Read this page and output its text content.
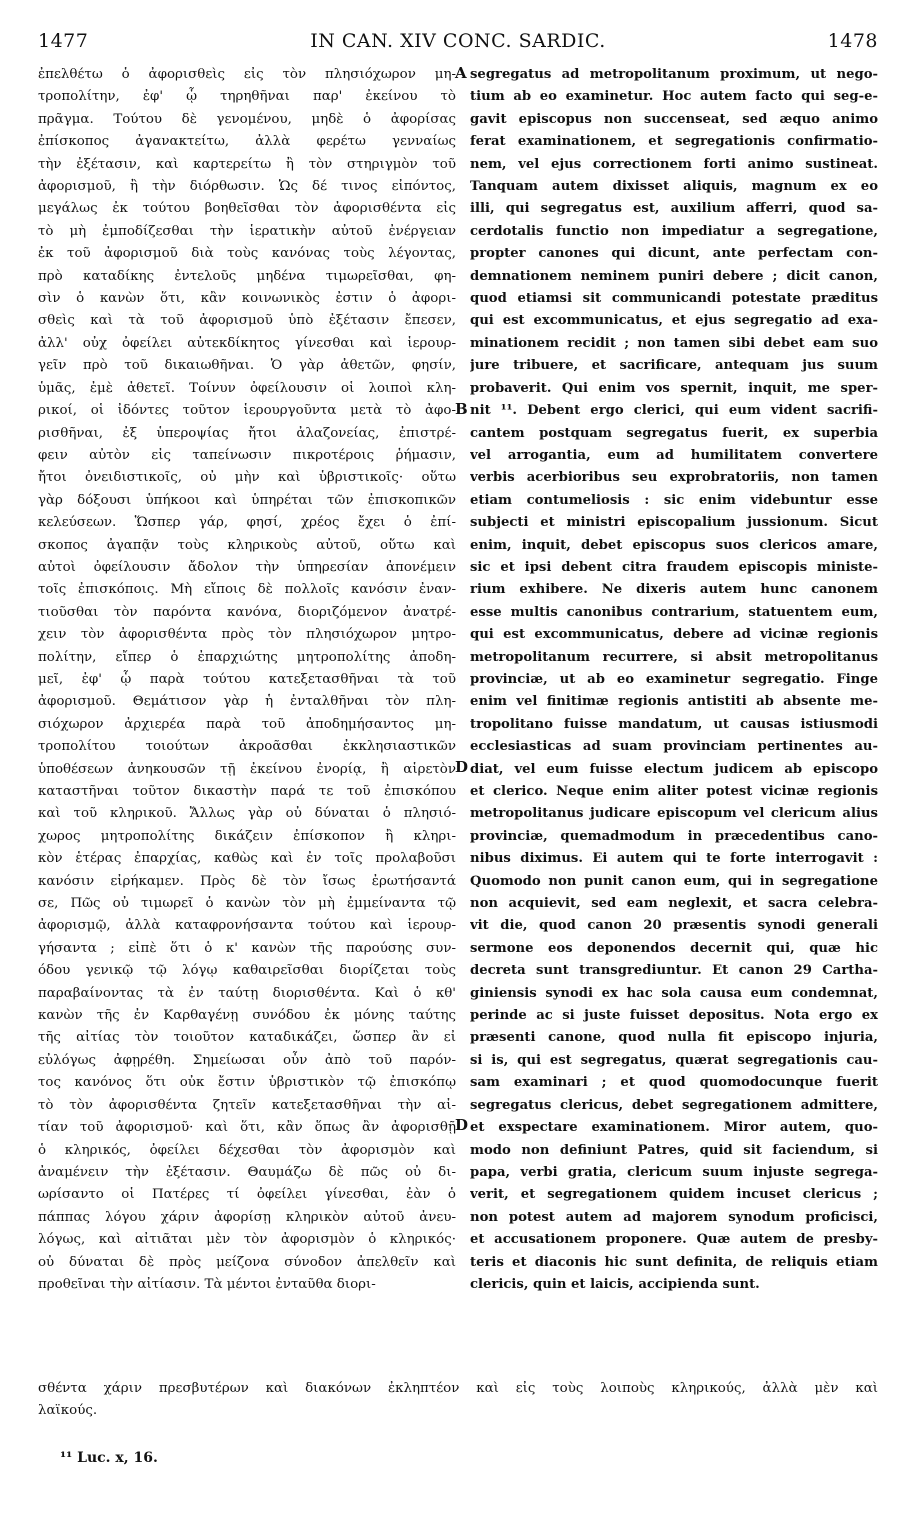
1477	IN CAN. XIV CONC. SARDIC.	1478
ἐπελθέτω ὁ ἀφορισθεὶς εἰς τὸν πλησιόχωρον μη-
τροπολίτην, ἐφ' ᾧ τηρηθῆναι παρ' ἐκείνου τὸ
πρᾶγμα. Τούτου δὲ γενομένου, μηδὲ ὁ ἀφορίσας
ἐπίσκοπος ἀγανακτείτω, ἀλλὰ φερέτω γενναίως
τὴν ἐξέτασιν, καὶ καρτερείτω ἢ τὸν στηριγμὸν τοῦ
ἀφορισμοῦ, ἢ τὴν διόρθωσιν. Ὡς δέ τινος εἰπόντος,
μεγάλως ἐκ τούτου βοηθεῖσθαι τὸν ἀφορισθέντα εἰς
τὸ μὴ ἐμποδίζεσθαι τὴν ἱερατικὴν αὐτοῦ ἐνέργειαν
ἐκ τοῦ ἀφορισμοῦ διὰ τοὺς κανόνας τοὺς λέγοντας,
πρὸ καταδίκης ἐντελοῦς μηδένα τιμωρεῖσθαι, φη-
σὶν ὁ κανὼν ὅτι, κἂν κοινωνικὸς ἐστιν ὁ ἀφορι-
σθεὶς καὶ τὰ τοῦ ἀφορισμοῦ ὑπὸ ἐξέτασιν ἔπεσεν,
ἀλλ' οὐχ ὀφείλει αὐτεκδίκητος γίνεσθαι καὶ ἱερουρ-
γεῖν πρὸ τοῦ δικαιωθῆναι. Ὁ γὰρ ἀθετῶν, φησίν,
ὑμᾶς, ἐμὲ ἀθετεῖ. Τοίνυν ὀφείλουσιν οἱ λοιποὶ κλη-
ρικοί, οἱ ἰδόντες τοῦτον ἱερουργοῦντα μετὰ τὸ ἀφο-
ρισθῆναι, ἐξ ὑπεροψίας ἤτοι ἀλαζονείας, ἐπιστρέ-
φειν αὐτὸν εἰς ταπείνωσιν πικροτέροις ῥήμασιν,
ἤτοι ὀνειδιστικοῖς, οὐ μὴν καὶ ὑβριστικοῖς· οὕτω
γὰρ δόξουσι ὑπήκοοι καὶ ὑπηρέται τῶν ἐπισκοπικῶν
κελεύσεων. Ὥσπερ γάρ, φησί, χρέος ἔχει ὁ ἐπί-
σκοπος ἀγαπᾷν τοὺς κληρικοὺς αὐτοῦ, οὕτω καὶ
αὐτοὶ ὀφείλουσιν ἄδολον τὴν ὑπηρεσίαν ἀπονέμειν
τοῖς ἐπισκόποις. Μὴ εἴποις δὲ πολλοῖς κανόσιν ἐναν-
τιοῦσθαι τὸν παρόντα κανόνα, διοριζόμενον ἀνατρέ-
χειν τὸν ἀφορισθέντα πρὸς τὸν πλησιόχωρον μητρο-
πολίτην, εἴπερ ὁ ἐπαρχιώτης μητροπολίτης ἀποδη-
μεῖ, ἐφ' ᾧ παρὰ τούτου κατεξετασθῆναι τὰ τοῦ
ἀφορισμοῦ. Θεμάτισον γὰρ ἡ ἐνταλθῆναι τὸν πλη-
σιόχωρον ἀρχιερέα παρὰ τοῦ ἀποδημήσαντος μη-
τροπολίτου τοιούτων ἀκροᾶσθαι ἐκκλησιαστικῶν
ὑποθέσεων ἀνηκουσῶν τῇ ἐκείνου ἐνορίᾳ, ἢ αἱρετὸν
καταστῆναι τοῦτον δικαστὴν παρά τε τοῦ ἐπισκόπου
καὶ τοῦ κληρικοῦ. Ἄλλως γὰρ οὐ δύναται ὁ πλησιό-
χωρος μητροπολίτης δικάζειν ἐπίσκοπον ἢ κληρι-
κὸν ἑτέρας ἐπαρχίας, καθὼς καὶ ἐν τοῖς προλαβοῦσι
κανόσιν εἰρήκαμεν. Πρὸς δὲ τὸν ἴσως ἐρωτήσαντά
σε, Πῶς οὐ τιμωρεῖ ὁ κανὼν τὸν μὴ ἐμμείναντα τῷ
ἀφορισμῷ, ἀλλὰ καταφρονήσαντα τούτου καὶ ἱερουρ-
γήσαντα ; εἰπὲ ὅτι ὁ κ' κανὼν τῆς παρούσης συν-
όδου γενικῷ τῷ λόγῳ καθαιρεῖσθαι διορίζεται τοὺς
παραβαίνοντας τὰ ἐν ταύτῃ διορισθέντα. Καὶ ὁ κθ'
κανὼν τῆς ἐν Καρθαγένῃ συνόδου ἐκ μόνης ταύτης
τῆς αἰτίας τὸν τοιοῦτον καταδικάζει, ὥσπερ ἂν εἰ
εὐλόγως ἀφῃρέθη. Σημείωσαι οὖν ἀπὸ τοῦ παρόν-
τος κανόνος ὅτι οὐκ ἔστιν ὑβριστικὸν τῷ ἐπισκόπῳ
τὸ τὸν ἀφορισθέντα ζητεῖν κατεξετασθῆναι τὴν αἰ-
τίαν τοῦ ἀφορισμοῦ· καὶ ὅτι, κἂν ὅπως ἂν ἀφορισθῇ
ὁ κληρικός, ὀφείλει δέχεσθαι τὸν ἀφορισμὸν καὶ
ἀναμένειν τὴν ἐξέτασιν. Θαυμάζω δὲ πῶς οὐ δι-
ωρίσαντο οἱ Πατέρες τί ὀφείλει γίνεσθαι, ἐὰν ὁ
πάππας λόγου χάριν ἀφορίσῃ κληρικὸν αὐτοῦ ἀνευ-
λόγως, καὶ αἰτιᾶται μὲν τὸν ἀφορισμὸν ὁ κληρικός·
οὐ δύναται δὲ πρὸς μείζονα σύνοδον ἀπελθεῖν καὶ
προθεῖναι τὴν αἰτίασιν. Τὰ μέντοι ἐνταῦθα διορι-
segregatus ad metropolitanum proximum, ut nego-
tium ab eo examinetur. Hoc autem facto qui seg-e-
gavit episcopus non succenseat, sed æquo animo
ferat examinationem, et segregationis confirmatio-
nem, vel ejus correctionem forti animo sustineat.
Tanquam autem dixisset aliquis, magnum ex eo
illi, qui segregatus est, auxilium afferri, quod sa-
cerdotalis functio non impediatur a segregatione,
propter canones qui dicunt, ante perfectam con-
demnationem neminem puniri debere ; dicit canon,
quod etiamsi sit communicandi potestate præditus
qui est excommunicatus, et ejus segregatio ad exa-
minationem recidit ; non tamen sibi debet eam suo
jure tribuere, et sacrificare, antequam jus suum
probaverit. Qui enim vos spernit, inquit, me sper-
nit ¹¹. Debent ergo clerici, qui eum vident sacrifi-
cantem postquam segregatus fuerit, ex superbia
vel arrogantia, eum ad humilitatem convertere
verbis acerbioribus seu exprobratoriis, non tamen
etiam contumeliosis : sic enim videbuntur esse
subjecti et ministri episcopalium jussionum. Sicut
enim, inquit, debet episcopus suos clericos amare,
sic et ipsi debent citra fraudem episcopis ministe-
rium exhibere. Ne dixeris autem hunc canonem
esse multis canonibus contrarium, statuentem eum,
qui est excommunicatus, debere ad vicinæ regionis
metropolitanum recurrere, si absit metropolitanus
provinciæ, ut ab eo examinetur segregatio. Finge
enim vel finitimæ regionis antistiti ab absente me-
tropolitano fuisse mandatum, ut causas istiusmodi
ecclesiasticas ad suam provinciam pertinentes au-
diat, vel eum fuisse electum judicem ab episcopo
et clerico. Neque enim aliter potest vicinæ regionis
metropolitanus judicare episcopum vel clericum alius
provinciæ, quemadmodum in præcedentibus cano-
nibus diximus. Ei autem qui te forte interrogavit :
Quomodo non punit canon eum, qui in segregatione
non acquievit, sed eam neglexit, et sacra celebra-
vit die, quod canon 20 præsentis synodi generali
sermone eos deponendos decernit qui, quæ hic
decreta sunt transgrediuntur. Et canon 29 Cartha-
giniensis synodi ex hac sola causa eum condemnat,
perinde ac si juste fuisset depositus. Nota ergo ex
præsenti canone, quod nulla fit episcopo injuria,
si is, qui est segregatus, quærat segregationis cau-
sam examinari ; et quod quomodocunque fuerit
segregatus clericus, debet segregationem admittere,
et exspectare examinationem. Miror autem, quo-
modo non definiunt Patres, quid sit faciendum, si
papa, verbi gratia, clericum suum injuste segrega-
verit, et segregationem quidem incuset clericus ;
non potest autem ad majorem synodum proficisci,
et accusationem proponere. Quæ autem de presby-
teris et diaconis hic sunt definita, de reliquis etiam
clericis, quin et laicis, accipienda sunt.
A
B
D
D
σθέντα χάριν πρεσβυτέρων καὶ διακόνων ἐκληπτέον καὶ εἰς τοὺς λοιποὺς κληρικούς, ἀλλὰ μὲν καὶ
λαϊκούς.
¹¹ Luc. x, 16.
